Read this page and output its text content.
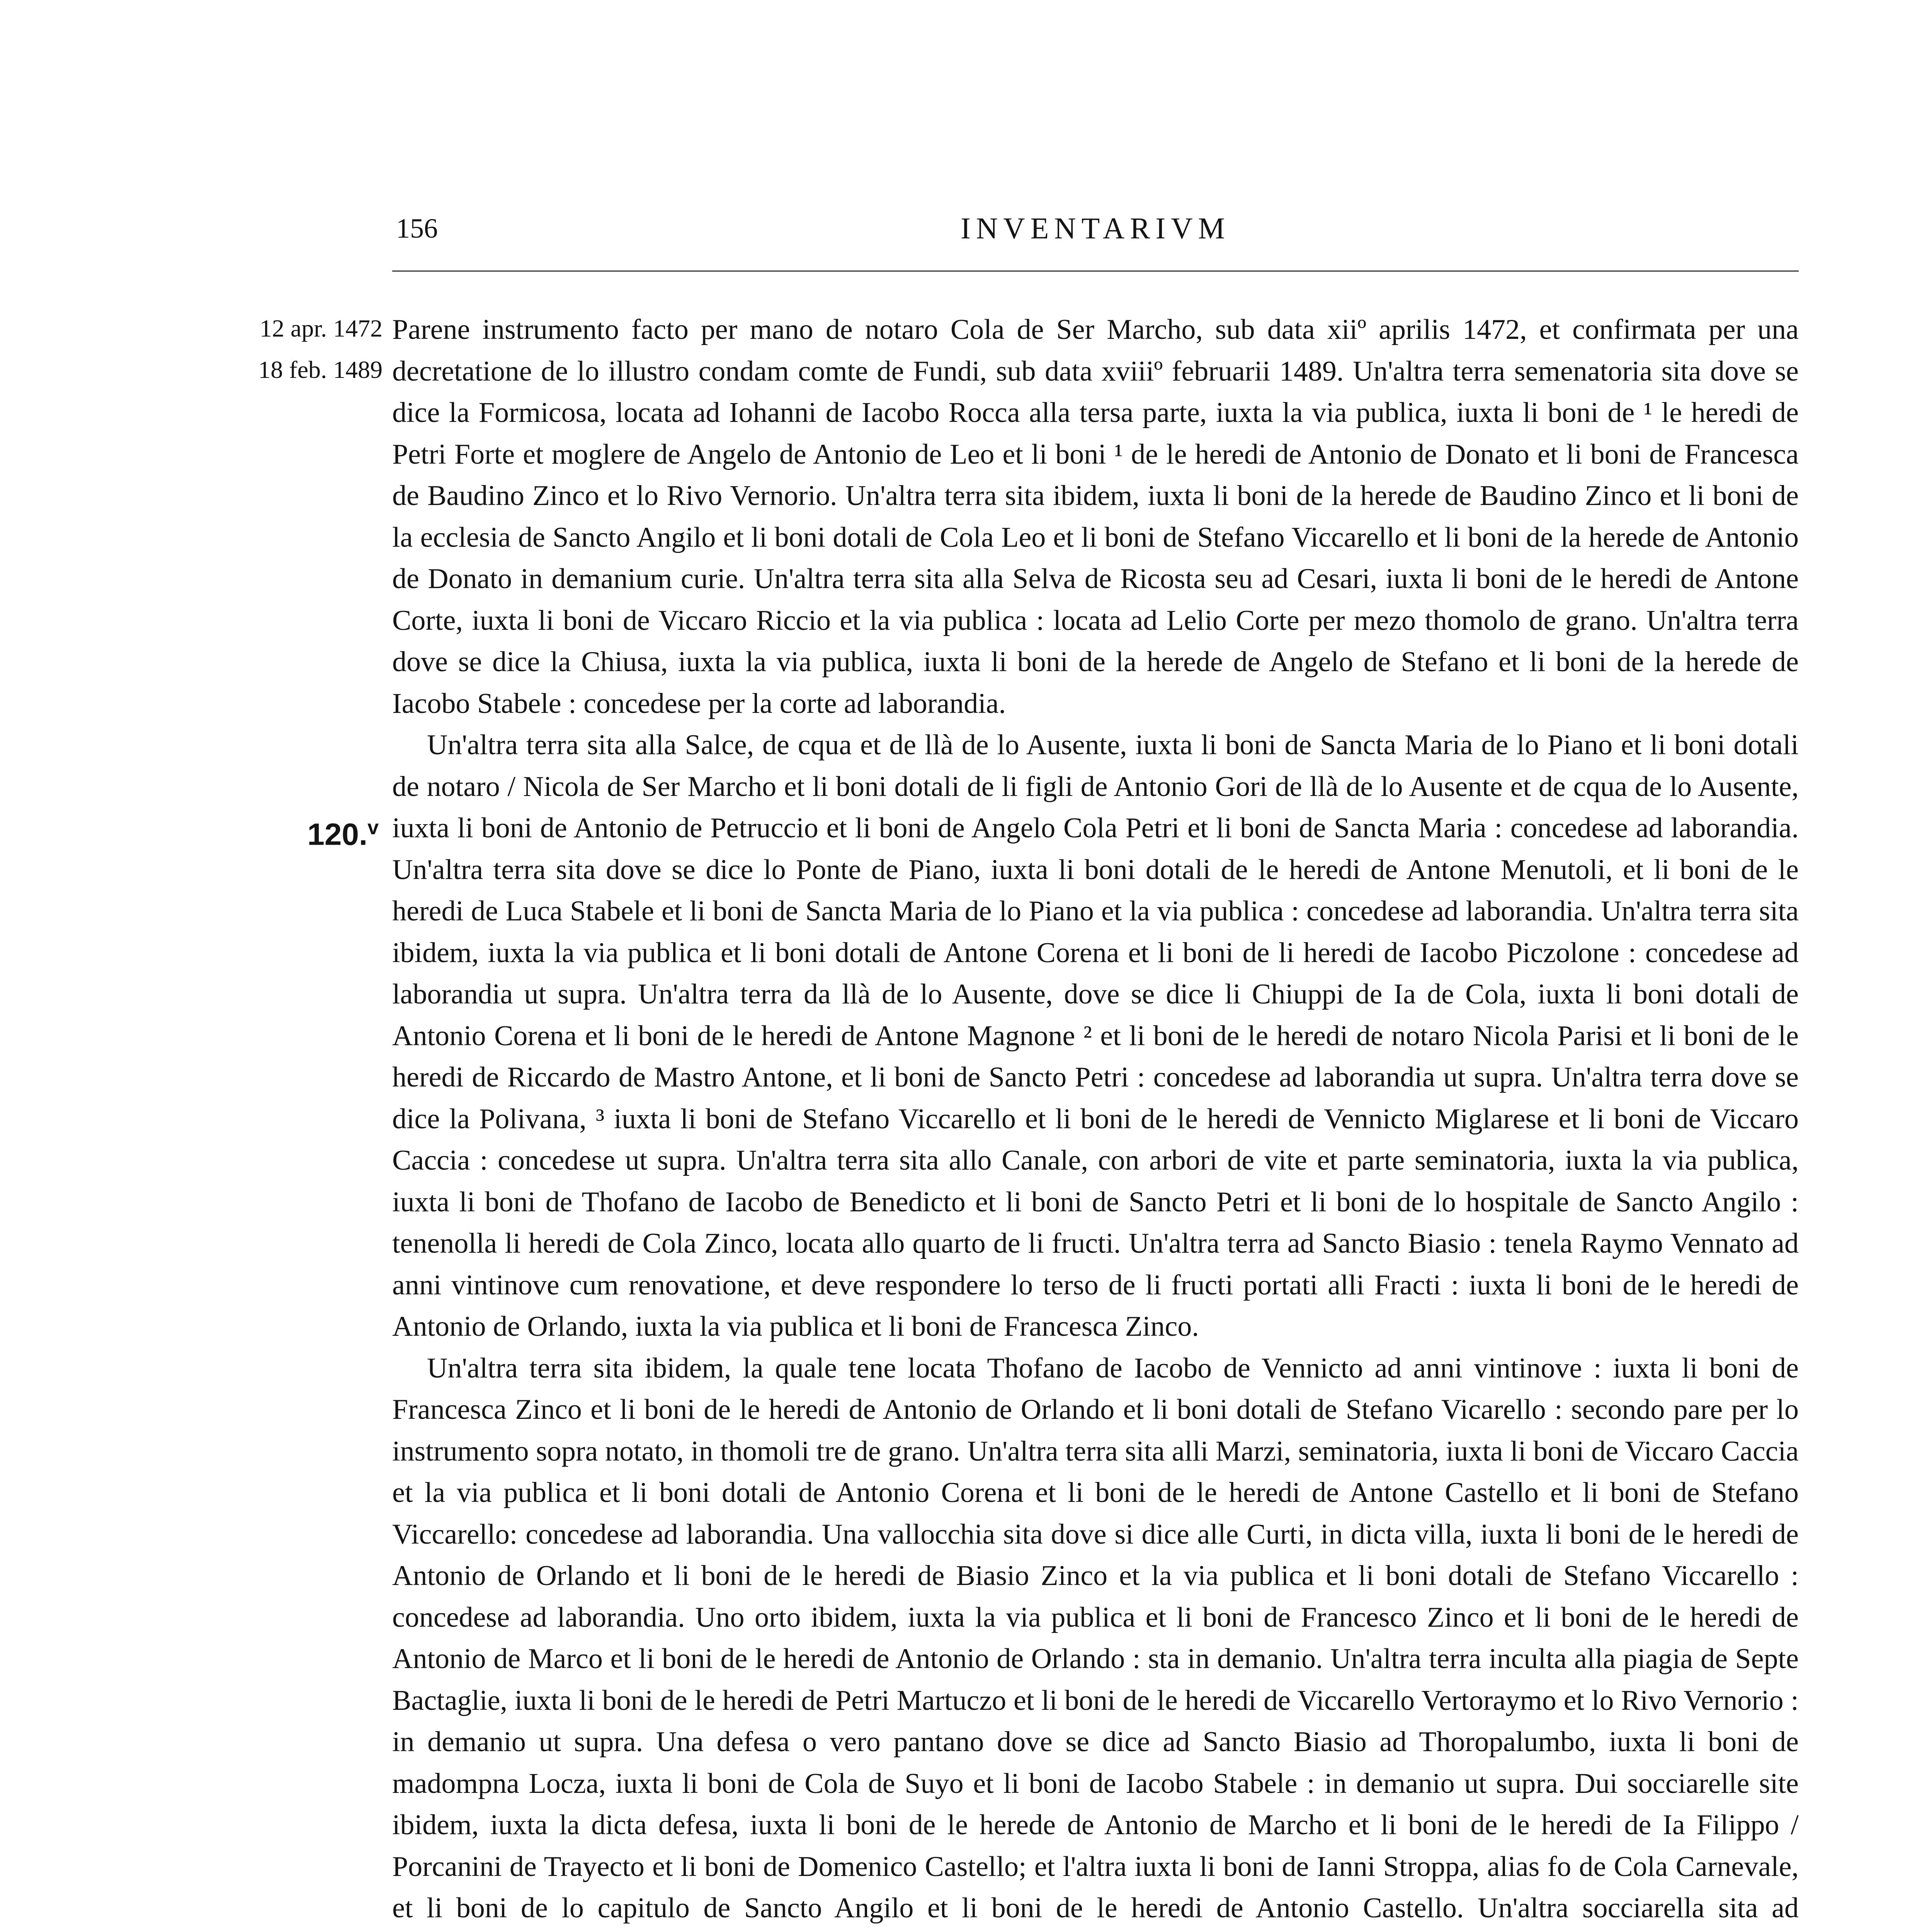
156	INVENTARIVM
12 apr. 1472
18 feb. 1489
120.$^v$

Parene instrumento facto per mano de notaro Cola de Ser Marcho, sub data xiiº aprilis 1472, et confirmata per una decretatione de lo illustro condam comte de Fundi, sub data xviiiº februarii 1489. Un'altra terra semenatoria sita dove se dice la Formicosa, locata ad Iohanni de Iacobo Rocca alla tersa parte, iuxta la via publica, iuxta li boni de ¹ le heredi de Petri Forte et moglere de Angelo de Antonio de Leo et li boni ¹ de le heredi de Antonio de Donato et li boni de Francesca de Baudino Zinco et lo Rivo Vernorio. Un'altra terra sita ibidem, iuxta li boni de la herede de Baudino Zinco et li boni de la ecclesia de Sancto Angilo et li boni dotali de Cola Leo et li boni de Stefano Viccarello et li boni de la herede de Antonio de Donato in demanium curie. Un'altra terra sita alla Selva de Ricosta seu ad Cesari, iuxta li boni de le heredi de Antone Corte, iuxta li boni de Viccaro Riccio et la via publica : locata ad Lelio Corte per mezo thomolo de grano. Un'altra terra dove se dice la Chiusa, iuxta la via publica, iuxta li boni de la herede de Angelo de Stefano et li boni de la herede de Iacobo Stabele : concedese per la corte ad laborandia.

Un'altra terra sita alla Salce, de cqua et de llà de lo Ausente, iuxta li boni de Sancta Maria de lo Piano et li boni dotali de notaro / Nicola de Ser Marcho et li boni dotali de li figli de Antonio Gori de llà de lo Ausente et de cqua de lo Ausente, iuxta li boni de Antonio de Petruccio et li boni de Angelo Cola Petri et li boni de Sancta Maria : concedese ad laborandia. Un'altra terra sita dove se dice lo Ponte de Piano, iuxta li boni dotali de le heredi de Antone Menutoli, et li boni de le heredi de Luca Stabele et li boni de Sancta Maria de lo Piano et la via publica : concedese ad laborandia. Un'altra terra sita ibidem, iuxta la via publica et li boni dotali de Antone Corena et li boni de li heredi de Iacobo Piczolone : concedese ad laborandia ut supra. Un'altra terra da llà de lo Ausente, dove se dice li Chiuppi de Ia de Cola, iuxta li boni dotali de Antonio Corena et li boni de le heredi de Antone Magnone ² et li boni de le heredi de notaro Nicola Parisi et li boni de le heredi de Riccardo de Mastro Antone, et li boni de Sancto Petri : concedese ad laborandia ut supra. Un'altra terra dove se dice la Polivana, ³ iuxta li boni de Stefano Viccarello et li boni de le heredi de Vennicto Miglarese et li boni de Viccaro Caccia : concedese ut supra. Un'altra terra sita allo Canale, con arbori de vite et parte seminatoria, iuxta la via publica, iuxta li boni de Thofano de Iacobo de Benedicto et li boni de Sancto Petri et li boni de lo hospitale de Sancto Angilo : tenenolla li heredi de Cola Zinco, locata allo quarto de li fructi. Un'altra terra ad Sancto Biasio : tenela Raymo Vennato ad anni vintinove cum renovatione, et deve respondere lo terso de li fructi portati alli Fracti : iuxta li boni de le heredi de Antonio de Orlando, iuxta la via publica et li boni de Francesca Zinco.

Un'altra terra sita ibidem, la quale tene locata Thofano de Iacobo de Vennicto ad anni vintinove : iuxta li boni de Francesca Zinco et li boni de le heredi de Antonio de Orlando et li boni dotali de Stefano Vicarello : secondo pare per lo instrumento sopra notato, in thomoli tre de grano. Un'altra terra sita alli Marzi, seminatoria, iuxta li boni de Viccaro Caccia et la via publica et li boni dotali de Antonio Corena et li boni de le heredi de Antone Castello et li boni de Stefano Viccarello: concedese ad laborandia. Una vallocchia sita dove si dice alle Curti, in dicta villa, iuxta li boni de le heredi de Antonio de Orlando et li boni de le heredi de Biasio Zinco et la via publica et li boni dotali de Stefano Viccarello : concedese ad laborandia. Uno orto ibidem, iuxta la via publica et li boni de Francesco Zinco et li boni de le heredi de Antonio de Marco et li boni de le heredi de Antonio de Orlando : sta in demanio. Un'altra terra inculta alla piagia de Septe Bactaglie, iuxta li boni de le heredi de Petri Martuczo et li boni de le heredi de Viccarello Vertoraymo et lo Rivo Vernorio : in demanio ut supra. Una defesa o vero pantano dove se dice ad Sancto Biasio ad Thoropalumbo, iuxta li boni de madompna Locza, iuxta li boni de Cola de Suyo et li boni de Iacobo Stabele : in demanio ut supra. Dui socciarelle site ibidem, iuxta la dicta defesa, iuxta li boni de le herede de Antonio de Marcho et li boni de le heredi de Ia Filippo / Porcanini de Trayecto et li boni de Domenico Castello; et l'altra iuxta li boni de Ianni Stroppa, alias fo de Cola Carnevale, et li boni de lo capitulo de Sancto Angilo et li boni de le heredi de Antonio Castello. Un'altra socciarella sita ad
